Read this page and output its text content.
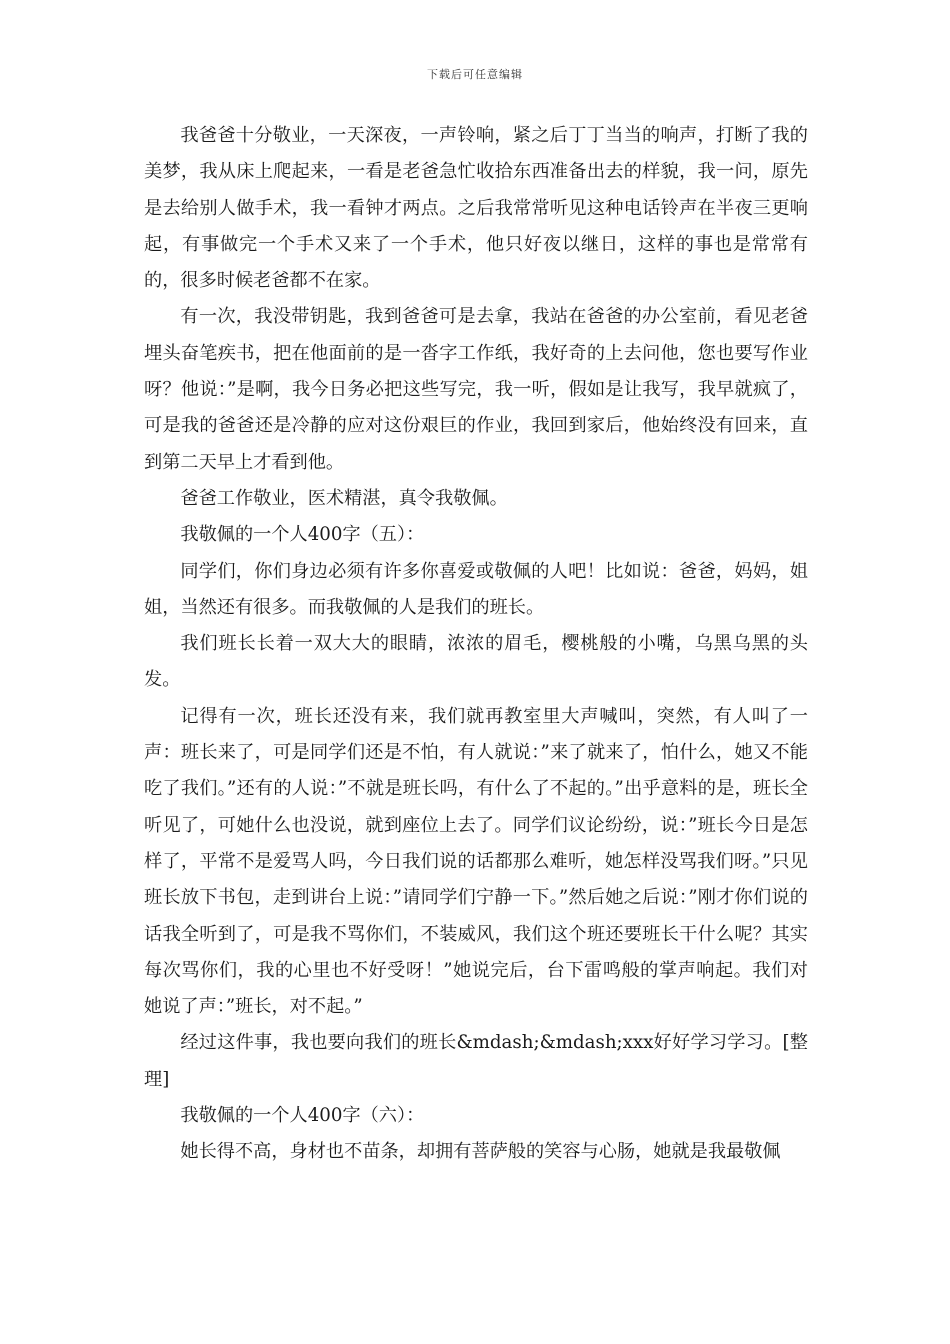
下载后可任意编辑

我爸爸十分敬业，一天深夜，一声铃响，紧之后丁丁当当的响声，打断了我的美梦，我从床上爬起来，一看是老爸急忙收拾东西准备出去的样貌，我一问，原先是去给别人做手术，我一看钟才两点。之后我常常听见这种电话铃声在半夜三更响起，有事做完一个手术又来了一个手术，他只好夜以继日，这样的事也是常常有的，很多时候老爸都不在家。

有一次，我没带钥匙，我到爸爸可是去拿，我站在爸爸的办公室前，看见老爸埋头奋笔疾书，把在他面前的是一沓字工作纸，我好奇的上去问他，您也要写作业呀？他说：”是啊，我今日务必把这些写完，我一听，假如是让我写，我早就疯了，可是我的爸爸还是冷静的应对这份艰巨的作业，我回到家后，他始终没有回来，直到第二天早上才看到他。

爸爸工作敬业，医术精湛，真令我敬佩。

我敬佩的一个人400字（五）：

同学们，你们身边必须有许多你喜爱或敬佩的人吧！比如说：爸爸，妈妈，姐姐，当然还有很多。而我敬佩的人是我们的班长。

我们班长长着一双大大的眼睛，浓浓的眉毛，樱桃般的小嘴，乌黑乌黑的头发。

记得有一次，班长还没有来，我们就再教室里大声喊叫，突然，有人叫了一声：班长来了，可是同学们还是不怕，有人就说：”来了就来了，怕什么，她又不能吃了我们。”还有的人说：”不就是班长吗，有什么了不起的。”出乎意料的是，班长全听见了，可她什么也没说，就到座位上去了。同学们议论纷纷，说：”班长今日是怎样了，平常不是爱骂人吗，今日我们说的话都那么难听，她怎样没骂我们呀。”只见班长放下书包，走到讲台上说：”请同学们宁静一下。”然后她之后说：”刚才你们说的话我全听到了，可是我不骂你们，不装威风，我们这个班还要班长干什么呢？其实每次骂你们，我的心里也不好受呀！”她说完后，台下雷鸣般的掌声响起。我们对她说了声：”班长，对不起。”

经过这件事，我也要向我们的班长&mdash;&mdash;xxx好好学习学习。[整理]

我敬佩的一个人400字（六）：

她长得不高，身材也不苗条，却拥有菩萨般的笑容与心肠，她就是我最敬佩
